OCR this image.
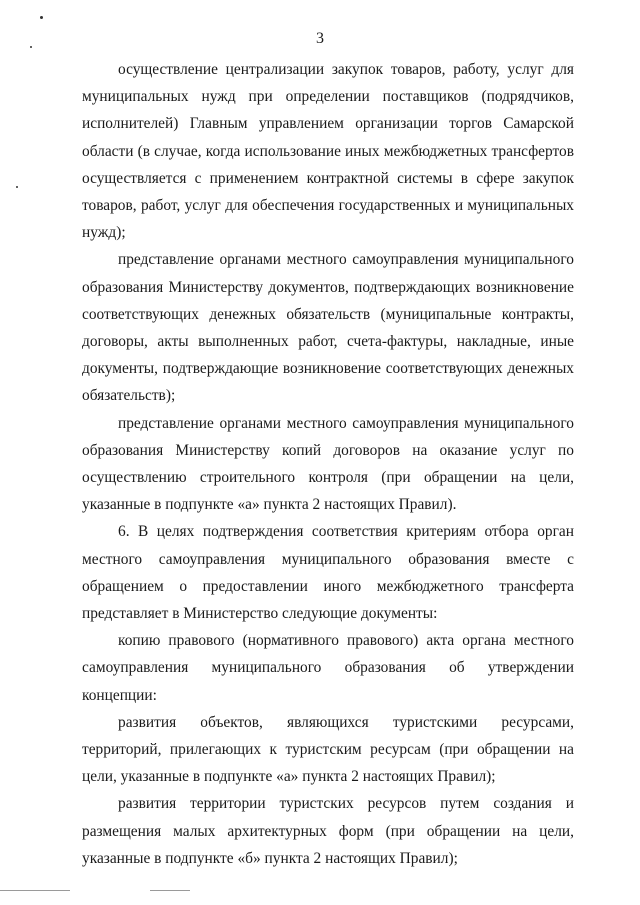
3

осуществление централизации закупок товаров, работу, услуг для муниципальных нужд при определении поставщиков (подрядчиков, исполнителей) Главным управлением организации торгов Самарской области (в случае, когда использование иных межбюджетных трансфертов осуществляется с применением контрактной системы в сфере закупок товаров, работ, услуг для обеспечения государственных и муниципальных нужд);

представление органами местного самоуправления муниципального образования Министерству документов, подтверждающих возникновение соответствующих денежных обязательств (муниципальные контракты, договоры, акты выполненных работ, счета-фактуры, накладные, иные документы, подтверждающие возникновение соответствующих денежных обязательств);

представление органами местного самоуправления муниципального образования Министерству копий договоров на оказание услуг по осуществлению строительного контроля (при обращении на цели, указанные в подпункте «а» пункта 2 настоящих Правил).

6. В целях подтверждения соответствия критериям отбора орган местного самоуправления муниципального образования вместе с обращением о предоставлении иного межбюджетного трансферта представляет в Министерство следующие документы:

копию правового (нормативного правового) акта органа местного самоуправления муниципального образования об утверждении концепции:

развития объектов, являющихся туристскими ресурсами, территорий, прилегающих к туристским ресурсам (при обращении на цели, указанные в подпункте «а» пункта 2 настоящих Правил);

развития территории туристских ресурсов путем создания и размещения малых архитектурных форм (при обращении на цели, указанные в подпункте «б» пункта 2 настоящих Правил);
